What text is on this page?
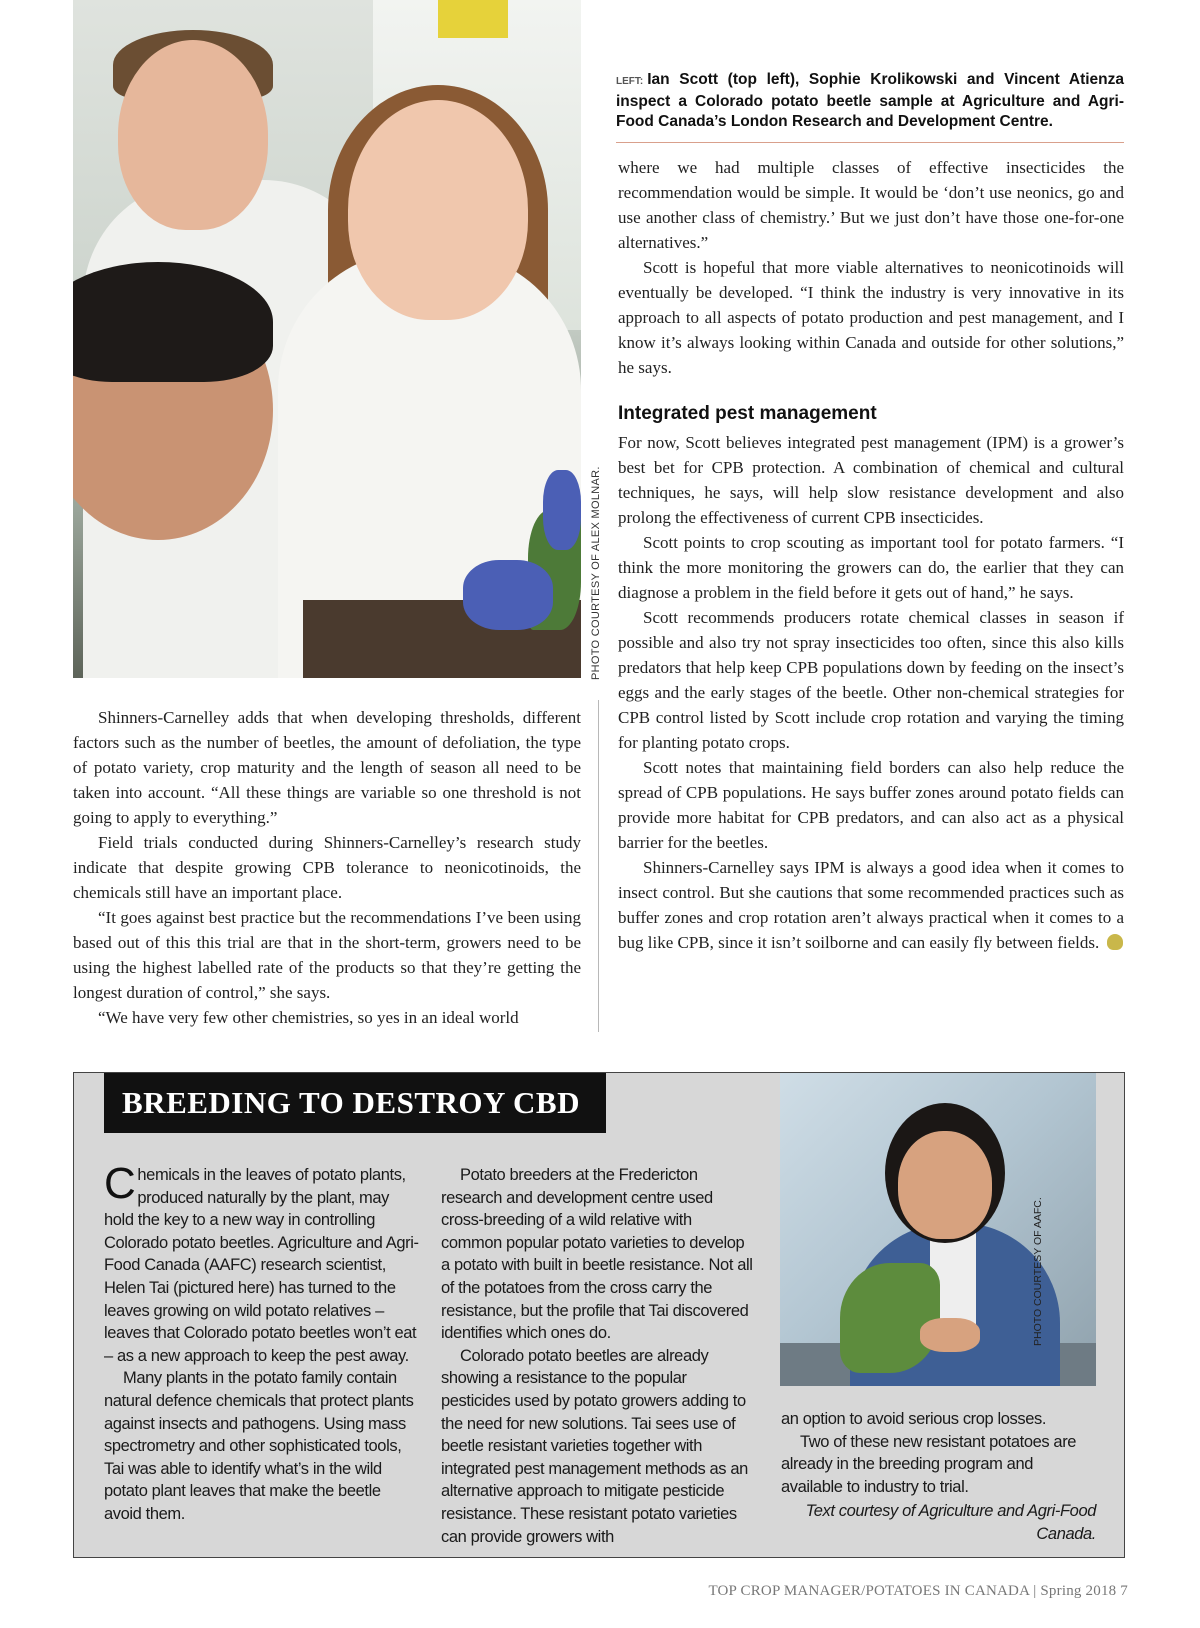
PHOTO COURTESY OF ALEX MOLNAR.
LEFT: Ian Scott (top left), Sophie Krolikowski and Vincent Atienza inspect a Colorado potato beetle sample at Agriculture and Agri-Food Canada’s London Research and Development Centre.

Shinners-Carnelley adds that when developing thresholds, different factors such as the number of beetles, the amount of defoliation, the type of potato variety, crop maturity and the length of season all need to be taken into account. “All these things are variable so one threshold is not going to apply to everything.”

Field trials conducted during Shinners-Carnelley’s research study indicate that despite growing CPB tolerance to neonicotinoids, the chemicals still have an important place.

“It goes against best practice but the recommendations I’ve been using based out of this this trial are that in the short-term, growers need to be using the highest labelled rate of the products so that they’re getting the longest duration of control,” she says.

“We have very few other chemistries, so yes in an ideal world

where we had multiple classes of effective insecticides the recommendation would be simple. It would be ‘don’t use neonics, go and use another class of chemistry.’ But we just don’t have those one-for-one alternatives.”

Scott is hopeful that more viable alternatives to neonicotinoids will eventually be developed. “I think the industry is very innovative in its approach to all aspects of potato production and pest management, and I know it’s always looking within Canada and outside for other solutions,” he says.

Integrated pest management

For now, Scott believes integrated pest management (IPM) is a grower’s best bet for CPB protection. A combination of chemical and cultural techniques, he says, will help slow resistance development and also prolong the effectiveness of current CPB insecticides.

Scott points to crop scouting as important tool for potato farmers. “I think the more monitoring the growers can do, the earlier that they can diagnose a problem in the field before it gets out of hand,” he says.

Scott recommends producers rotate chemical classes in season if possible and also try not spray insecticides too often, since this also kills predators that help keep CPB populations down by feeding on the insect’s eggs and the early stages of the beetle. Other non-chemical strategies for CPB control listed by Scott include crop rotation and varying the timing for planting potato crops.

Scott notes that maintaining field borders can also help reduce the spread of CPB populations. He says buffer zones around potato fields can provide more habitat for CPB predators, and can also act as a physical barrier for the beetles.

Shinners-Carnelley says IPM is always a good idea when it comes to insect control. But she cautions that some recommended practices such as buffer zones and crop rotation aren’t always practical when it comes to a bug like CPB, since it isn’t soilborne and can easily fly between fields.

BREEDING TO DESTROY CBD

Chemicals in the leaves of potato plants, produced naturally by the plant, may hold the key to a new way in controlling Colorado potato beetles. Agriculture and Agri-Food Canada (AAFC) research scientist, Helen Tai (pictured here) has turned to the leaves growing on wild potato relatives – leaves that Colorado potato beetles won’t eat – as a new approach to keep the pest away.

Many plants in the potato family contain natural defence chemicals that protect plants against insects and pathogens. Using mass spectrometry and other sophisticated tools, Tai was able to identify what’s in the wild potato plant leaves that make the beetle avoid them.

Potato breeders at the Fredericton research and development centre used cross-breeding of a wild relative with common popular potato varieties to develop a potato with built in beetle resistance. Not all of the potatoes from the cross carry the resistance, but the profile that Tai discovered identifies which ones do.

Colorado potato beetles are already showing a resistance to the popular pesticides used by potato growers adding to the need for new solutions. Tai sees use of beetle resistant varieties together with integrated pest management methods as an alternative approach to mitigate pesticide resistance. These resistant potato varieties can provide growers with

an option to avoid serious crop losses.

Two of these new resistant potatoes are already in the breeding program and available to industry to trial.

Text courtesy of Agriculture and Agri-Food Canada.

PHOTO COURTESY OF AAFC.
TOP CROP MANAGER/POTATOES IN CANADA | Spring 2018 7
